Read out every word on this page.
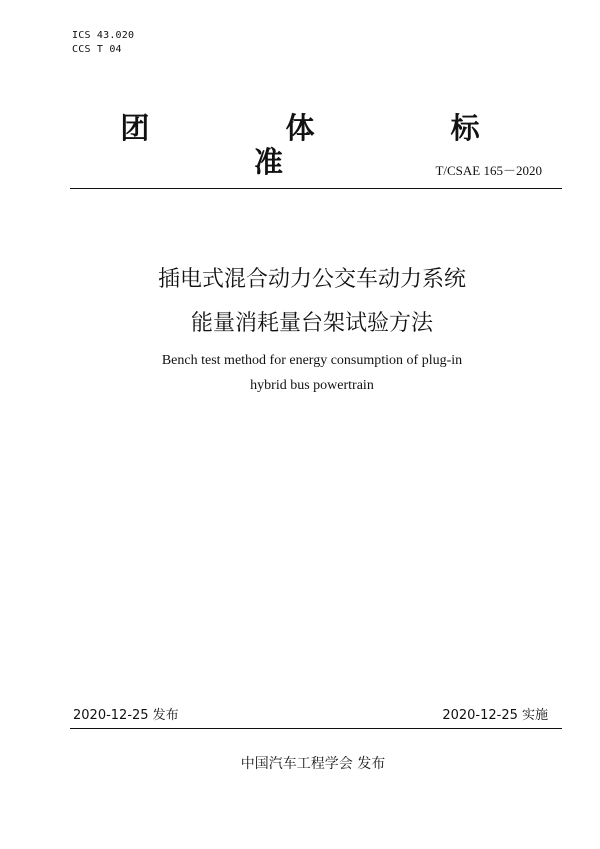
ICS 43.020
CCS T 04
团 体 标 准	T/CSAE 165－2020
插电式混合动力公交车动力系统
能量消耗量台架试验方法
Bench test method for energy consumption of plug-in
hybrid bus powertrain
2020-12-25 发布	2020-12-25 实施
中国汽车工程学会 发布
